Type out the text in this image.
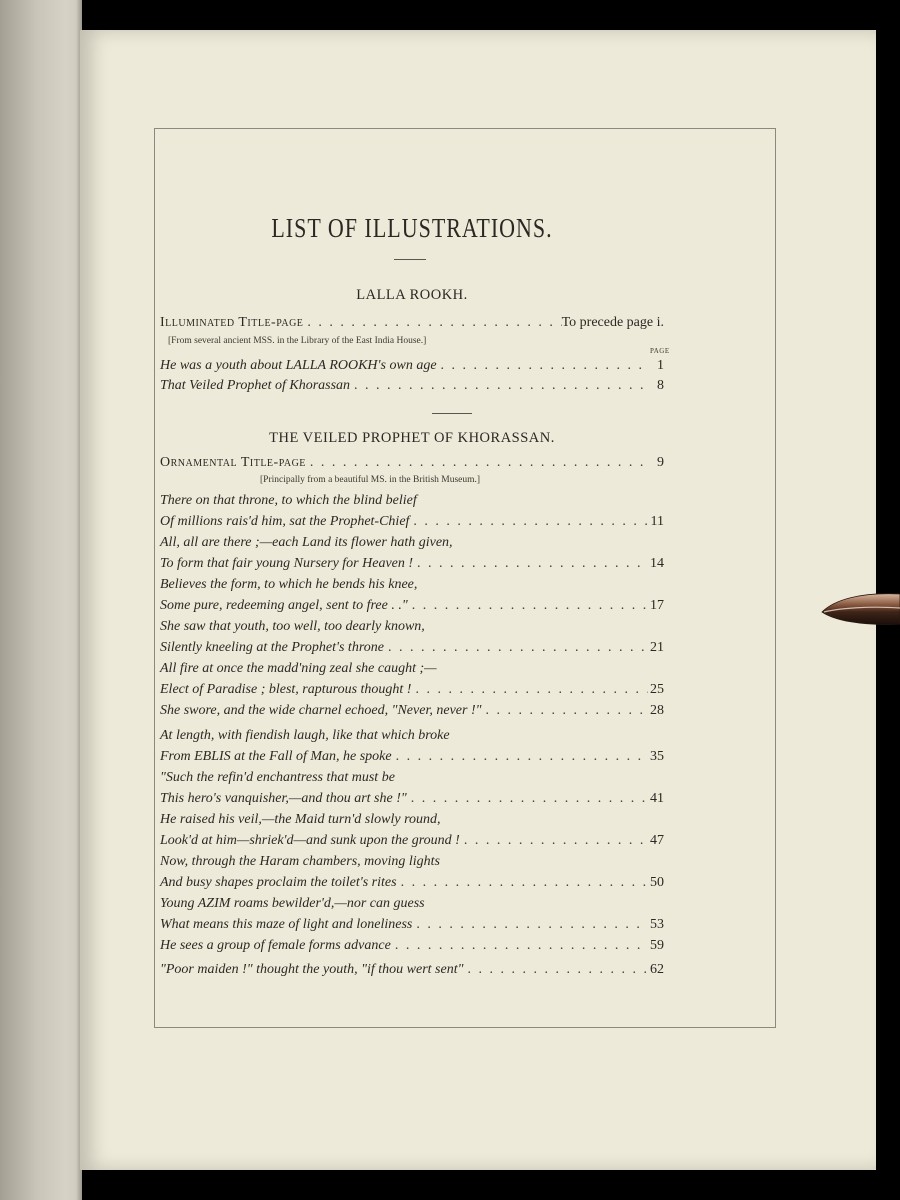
LIST OF ILLUSTRATIONS.
LALLA ROOKH.
Illuminated Title-page . . .	To precede page i.
[From several ancient MSS. in the Library of the East India House.]
PAGE
He was a youth about LALLA ROOKH's own age . . .	1
That Veiled Prophet of Khorassan . . .	8
THE VEILED PROPHET OF KHORASSAN.
Ornamental Title-page . . .	9
[Principally from a beautiful MS. in the British Museum.]
There on that throne, to which the blind belief
Of millions rais'd him, sat the Prophet-Chief . . .	11
All, all are there ;—each Land its flower hath given,
To form that fair young Nursery for Heaven ! . . .	14
Believes the form, to which he bends his knee,
Some pure, redeeming angel, sent to free . ." . . .	17
She saw that youth, too well, too dearly known,
Silently kneeling at the Prophet's throne . . .	21
All fire at once the madd'ning zeal she caught ;—
Elect of Paradise ; blest, rapturous thought ! . . .	25
She swore, and the wide charnel echoed, "Never, never !" . . .	28
At length, with fiendish laugh, like that which broke
From EBLIS at the Fall of Man, he spoke . . .	35
"Such the refin'd enchantress that must be
This hero's vanquisher,—and thou art she !" . . .	41
He raised his veil,—the Maid turn'd slowly round,
Look'd at him—shriek'd—and sunk upon the ground ! . . .	47
Now, through the Haram chambers, moving lights
And busy shapes proclaim the toilet's rites . . .	50
Young AZIM roams bewilder'd,—nor can guess
What means this maze of light and loneliness . . .	53
He sees a group of female forms advance . . .	59
"Poor maiden !" thought the youth, "if thou wert sent" . . .	62
